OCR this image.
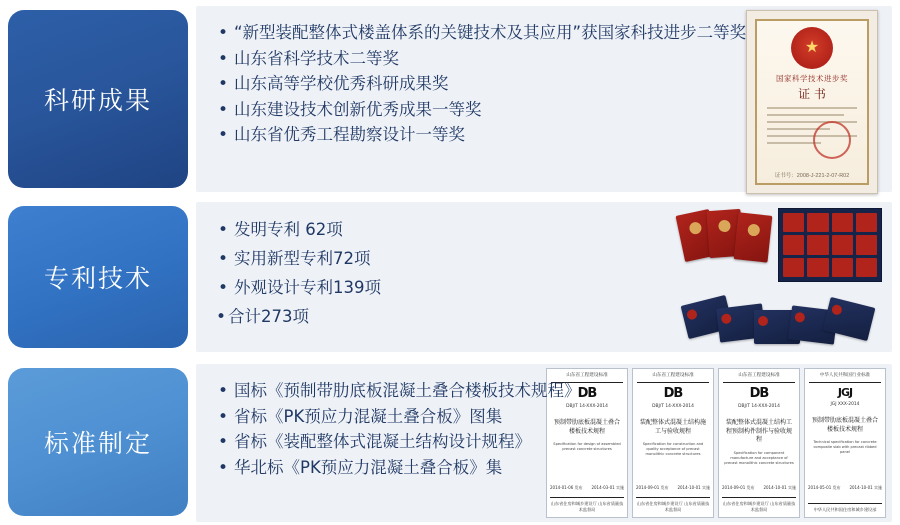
科研成果
• “新型装配整体式楼盖体系的关键技术及其应用”获国家科技进步二等奖
• 山东省科学技术二等奖
• 山东高等学校优秀科研成果奖
• 山东建设技术创新优秀成果一等奖
• 山东省优秀工程勘察设计一等奖
★
国家科学技术进步奖
证 书
证书号：2008-J-221-2-07-R02
专利技术
• 发明专利 62项
• 实用新型专利72项
• 外观设计专利139项
• 合计273项
标准制定
• 国标《预制带肋底板混凝土叠合楼板技术规程》
• 省标《PK预应力混凝土叠合板》图集
• 省标《装配整体式混凝土结构设计规程》
• 华北标《PK预应力混凝土叠合板》集
山东省工程建设标准
DB
DBJ/T 14-XXX-2014
预制带肋底板混凝土叠合楼板技术规程
Specification for design of assembled precast concrete structures
2014-01-06 发布 2014-03-01 实施
山东省住房和城乡建设厅 山东省质量技术监督局
山东省工程建设标准
DB
DBJ/T 14-XXX-2014
装配整体式混凝土结构施工与验收规程
Specification for construction and quality acceptance of precast monolithic concrete structures
2014-09-01 发布 2014-10-01 实施
山东省住房和城乡建设厅 山东省质量技术监督局
山东省工程建设标准
DB
DBJ/T 14-XXX-2014
装配整体式混凝土结构工程预制构件制作与验收规程
Specification for component manufacture and acceptance of precast monolithic concrete structures
2014-09-01 发布 2014-10-01 实施
山东省住房和城乡建设厅 山东省质量技术监督局
中华人民共和国行业标准
JGJ
JGJ XXX-2014
预制带肋底板混凝土叠合楼板技术规程
Technical specification for concrete composite slab with precast ribbed panel
2014-05-01 发布 2014-10-01 实施
中华人民共和国住房和城乡建设部
